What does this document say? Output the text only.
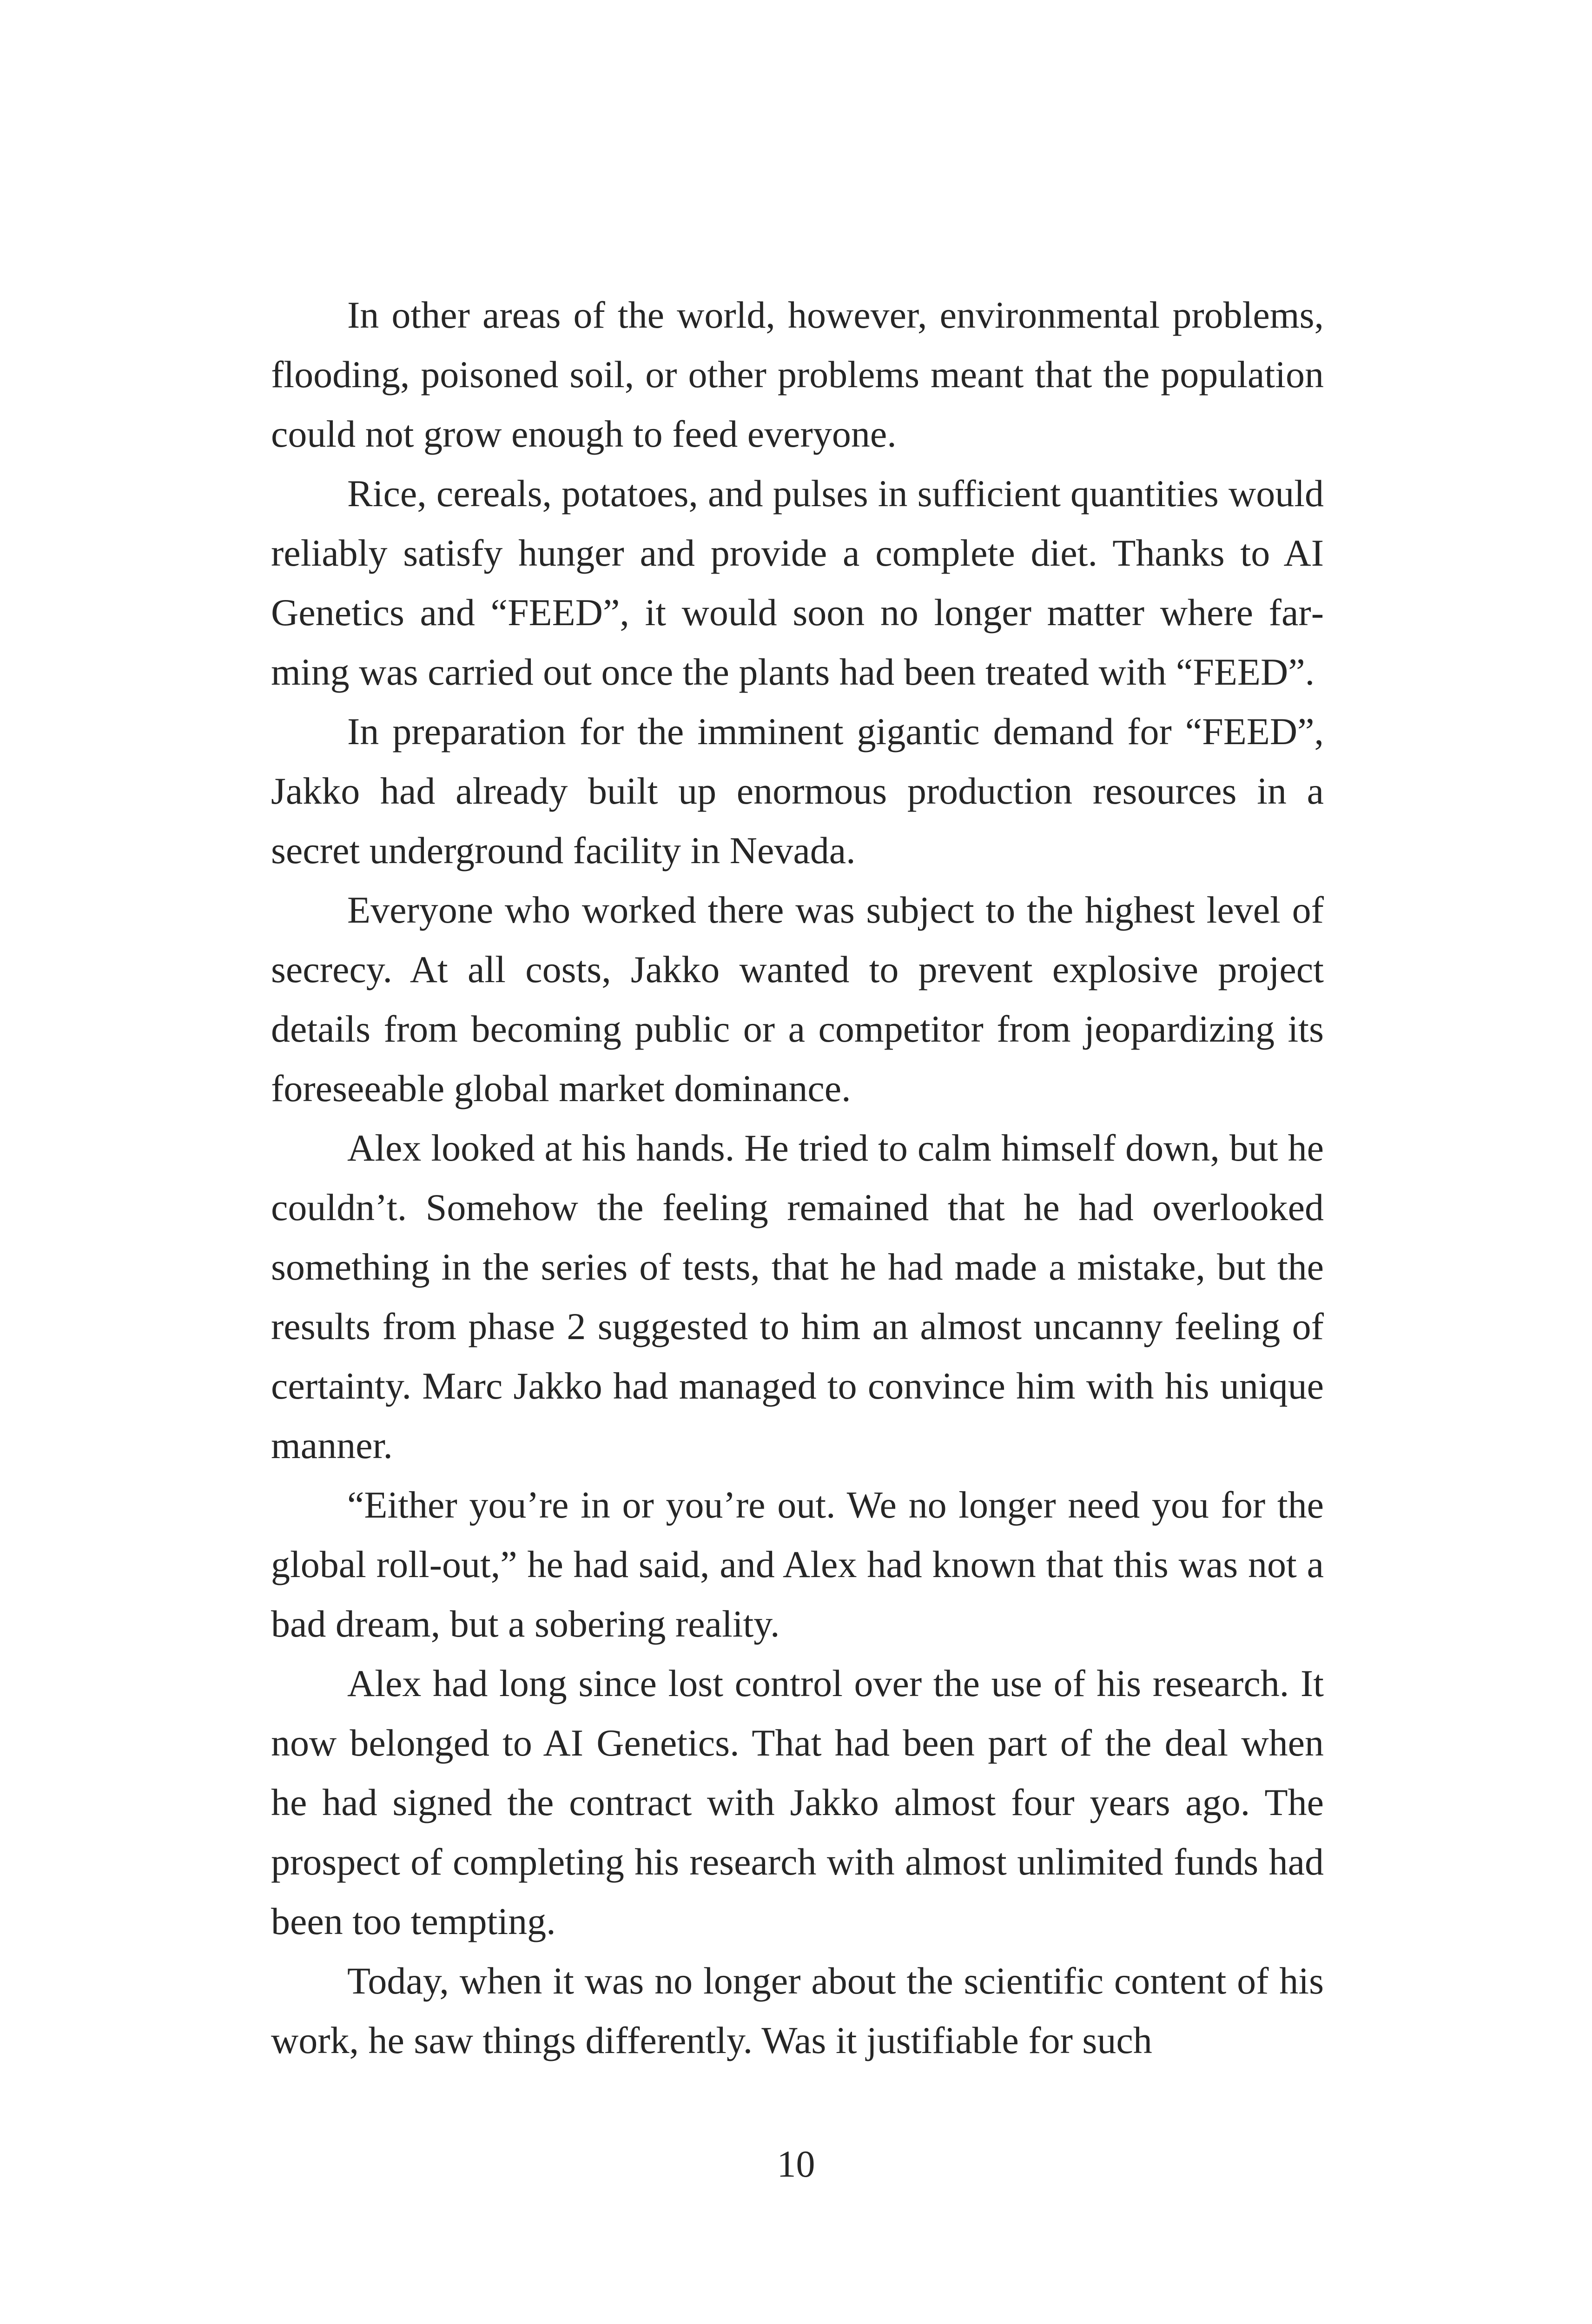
In other areas of the world, however, environmental problems, flooding, poisoned soil, or other problems meant that the population could not grow enough to feed everyone.

Rice, cereals, potatoes, and pulses in sufficient quantities would reliably satisfy hunger and provide a complete diet. Thanks to AI Genetics and “FEED”, it would soon no longer matter where farming was carried out once the plants had been treated with “FEED”.

In preparation for the imminent gigantic demand for “FEED”, Jakko had already built up enormous production resources in a secret underground facility in Nevada.

Everyone who worked there was subject to the highest level of secrecy. At all costs, Jakko wanted to prevent explosive project details from becoming public or a competitor from jeopardizing its foreseeable global market dominance.

Alex looked at his hands. He tried to calm himself down, but he couldn’t. Somehow the feeling remained that he had overlooked something in the series of tests, that he had made a mistake, but the results from phase 2 suggested to him an almost uncanny feeling of certainty. Marc Jakko had managed to convince him with his unique manner.

“Either you’re in or you’re out. We no longer need you for the global roll-out,” he had said, and Alex had known that this was not a bad dream, but a sobering reality.

Alex had long since lost control over the use of his research. It now belonged to AI Genetics. That had been part of the deal when he had signed the contract with Jakko almost four years ago. The prospect of completing his research with almost unlimited funds had been too tempting.

Today, when it was no longer about the scientific content of his work, he saw things differently. Was it justifiable for such

10
